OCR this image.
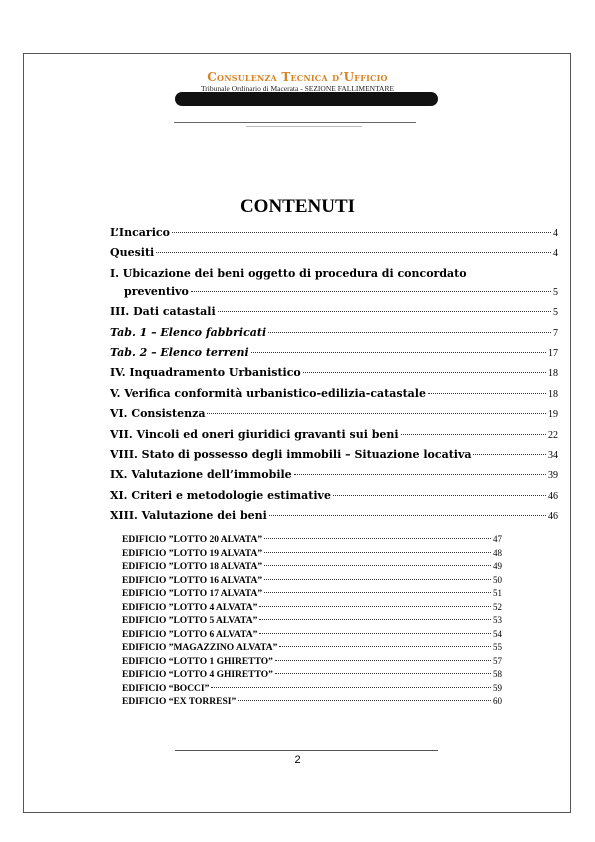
Consulenza Tecnica d’Ufficio
Tribunale Ordinario di Macerata - SEZIONE FALLIMENTARE
CONTENUTI
L’Incarico	4
Quesiti	4
I. Ubicazione dei beni oggetto di procedura di concordato
preventivo	5
III. Dati catastali	5
Tab. 1 – Elenco fabbricati	7
Tab. 2 – Elenco terreni	17
IV. Inquadramento Urbanistico	18
V. Verifica conformità urbanistico-edilizia-catastale	18
VI. Consistenza	19
VII. Vincoli ed oneri giuridici gravanti sui beni	22
VIII. Stato di possesso degli immobili – Situazione locativa	34
IX. Valutazione dell’immobile	39
XI. Criteri e metodologie estimative	46
XIII. Valutazione dei beni	46
EDIFICIO ”LOTTO 20 ALVATA”	47
EDIFICIO ”LOTTO 19 ALVATA”	48
EDIFICIO ”LOTTO 18 ALVATA”	49
EDIFICIO ”LOTTO 16 ALVATA”	50
EDIFICIO ”LOTTO 17 ALVATA”	51
EDIFICIO ”LOTTO 4 ALVATA”	52
EDIFICIO ”LOTTO 5 ALVATA”	53
EDIFICIO ”LOTTO 6 ALVATA”	54
EDIFICIO ”MAGAZZINO ALVATA”	55
EDIFICIO “LOTTO 1 GHIRETTO”	57
EDIFICIO “LOTTO 4 GHIRETTO”	58
EDIFICIO “BOCCI”	59
EDIFICIO “EX TORRESI”	60
2
